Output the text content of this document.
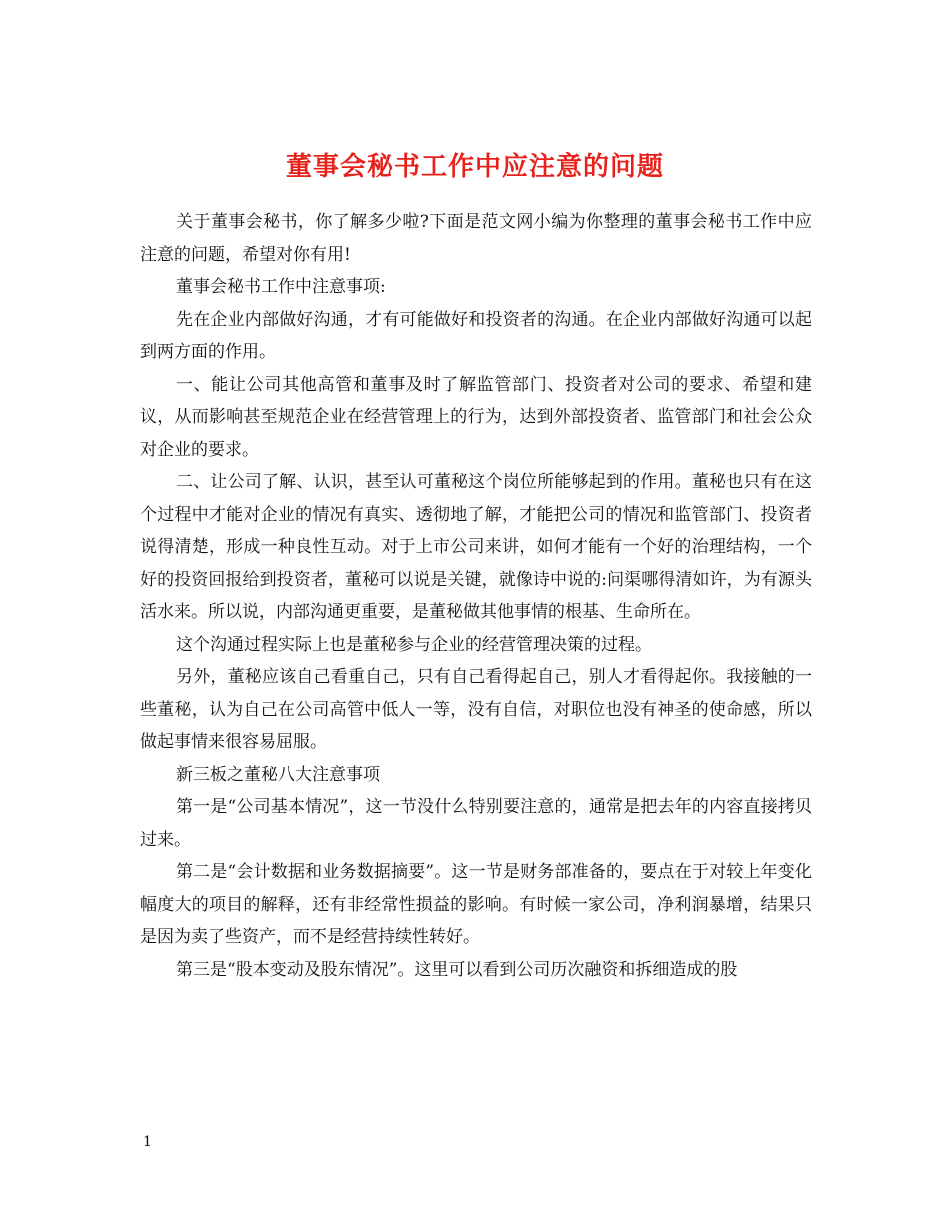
董事会秘书工作中应注意的问题

关于董事会秘书，你了解多少啦?下面是范文网小编为你整理的董事会秘书工作中应注意的问题，希望对你有用!

董事会秘书工作中注意事项:

先在企业内部做好沟通，才有可能做好和投资者的沟通。在企业内部做好沟通可以起到两方面的作用。

一、能让公司其他高管和董事及时了解监管部门、投资者对公司的要求、希望和建议，从而影响甚至规范企业在经营管理上的行为，达到外部投资者、监管部门和社会公众对企业的要求。

二、让公司了解、认识，甚至认可董秘这个岗位所能够起到的作用。董秘也只有在这个过程中才能对企业的情况有真实、透彻地了解，才能把公司的情况和监管部门、投资者说得清楚，形成一种良性互动。对于上市公司来讲，如何才能有一个好的治理结构，一个好的投资回报给到投资者，董秘可以说是关键，就像诗中说的:问渠哪得清如许，为有源头活水来。所以说，内部沟通更重要，是董秘做其他事情的根基、生命所在。

这个沟通过程实际上也是董秘参与企业的经营管理决策的过程。

另外，董秘应该自己看重自己，只有自己看得起自己，别人才看得起你。我接触的一些董秘，认为自己在公司高管中低人一等，没有自信，对职位也没有神圣的使命感，所以做起事情来很容易屈服。

新三板之董秘八大注意事项

第一是“公司基本情况”，这一节没什么特别要注意的，通常是把去年的内容直接拷贝过来。

第二是“会计数据和业务数据摘要”。这一节是财务部准备的，要点在于对较上年变化幅度大的项目的解释，还有非经常性损益的影响。有时候一家公司，净利润暴增，结果只是因为卖了些资产，而不是经营持续性转好。

第三是“股本变动及股东情况”。这里可以看到公司历次融资和拆细造成的股

1
